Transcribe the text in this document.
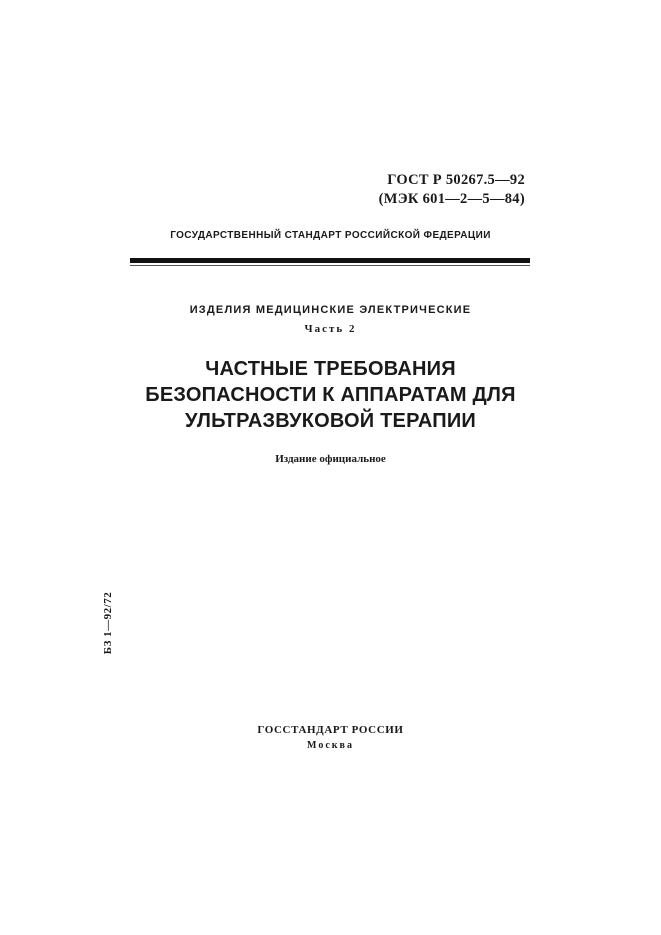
ГОСТ Р 50267.5—92
(МЭК 601—2—5—84)
ГОСУДАРСТВЕННЫЙ СТАНДАРТ РОССИЙСКОЙ ФЕДЕРАЦИИ
ИЗДЕЛИЯ МЕДИЦИНСКИЕ ЭЛЕКТРИЧЕСКИЕ
Часть 2
ЧАСТНЫЕ ТРЕБОВАНИЯ
БЕЗОПАСНОСТИ К АППАРАТАМ ДЛЯ
УЛЬТРАЗВУКОВОЙ ТЕРАПИИ
Издание официальное
БЗ 1—92/72
ГОССТАНДАРТ РОССИИ
Москва
